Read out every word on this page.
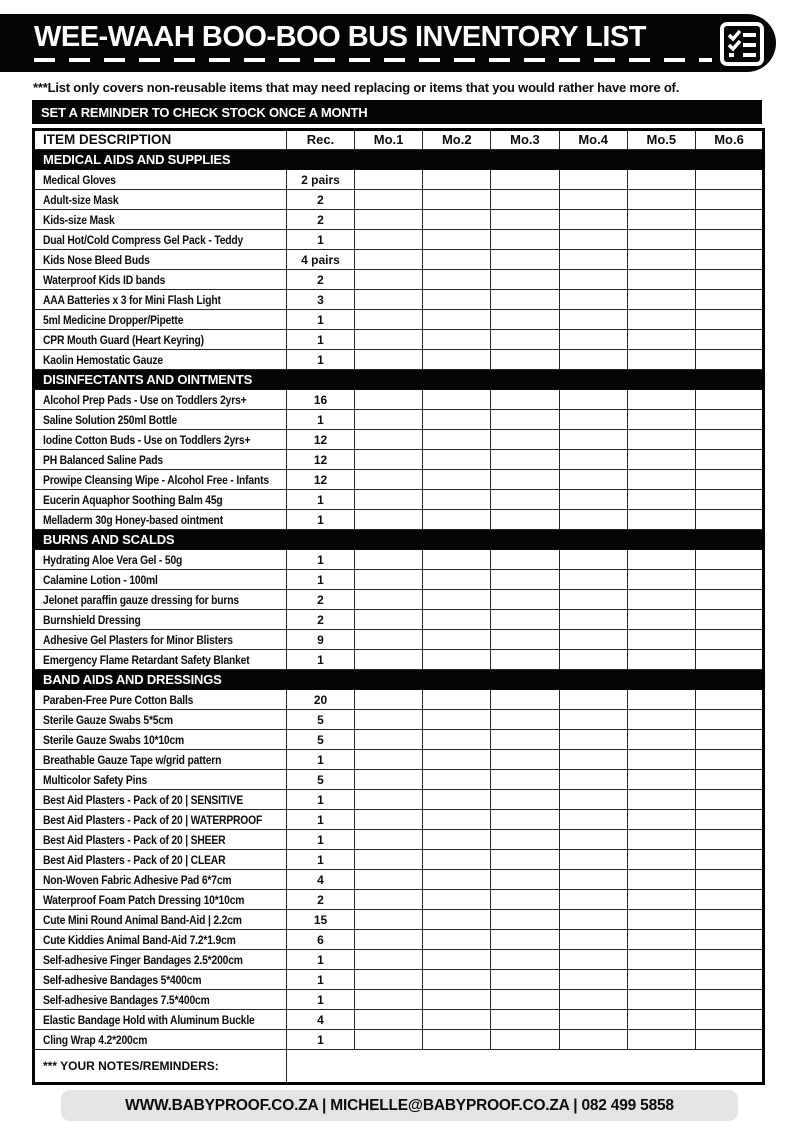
WEE-WAAH BOO-BOO BUS INVENTORY LIST
***List only covers non-reusable items that may need replacing or items that you would rather have more of.
SET A REMINDER TO CHECK STOCK ONCE A MONTH
ITEM DESCRIPTION	Rec.	Mo.1	Mo.2	Mo.3	Mo.4	Mo.5	Mo.6
MEDICAL AIDS AND SUPPLIES							
Medical Gloves	2 pairs						
Adult-size Mask	2						
Kids-size Mask	2						
Dual Hot/Cold Compress Gel Pack - Teddy	1						
Kids Nose Bleed Buds	4 pairs						
Waterproof Kids ID bands	2						
AAA Batteries x 3 for Mini Flash Light	3						
5ml Medicine Dropper/Pipette	1						
CPR Mouth Guard (Heart Keyring)	1						
Kaolin Hemostatic Gauze	1						
DISINFECTANTS AND OINTMENTS							
Alcohol Prep Pads - Use on Toddlers 2yrs+	16						
Saline Solution 250ml Bottle	1						
Iodine Cotton Buds - Use on Toddlers 2yrs+	12						
PH Balanced Saline Pads	12						
Prowipe Cleansing Wipe - Alcohol Free - Infants	12						
Eucerin Aquaphor Soothing Balm 45g	1						
Melladerm 30g Honey-based ointment	1						
BURNS AND SCALDS							
Hydrating Aloe Vera Gel - 50g	1						
Calamine Lotion - 100ml	1						
Jelonet paraffin gauze dressing for burns	2						
Burnshield Dressing	2						
Adhesive Gel Plasters for Minor Blisters	9						
Emergency Flame Retardant Safety Blanket	1						
BAND AIDS AND DRESSINGS							
Paraben-Free Pure Cotton Balls	20						
Sterile Gauze Swabs 5*5cm	5						
Sterile Gauze Swabs 10*10cm	5						
Breathable Gauze Tape w/grid pattern	1						
Multicolor Safety Pins	5						
Best Aid Plasters - Pack of 20 | SENSITIVE	1						
Best Aid Plasters - Pack of 20 | WATERPROOF	1						
Best Aid Plasters - Pack of 20 | SHEER	1						
Best Aid Plasters - Pack of 20 | CLEAR	1						
Non-Woven Fabric Adhesive Pad 6*7cm	4						
Waterproof Foam Patch Dressing 10*10cm	2						
Cute Mini Round Animal Band-Aid | 2.2cm	15						
Cute Kiddies Animal Band-Aid 7.2*1.9cm	6						
Self-adhesive Finger Bandages 2.5*200cm	1						
Self-adhesive Bandages 5*400cm	1						
Self-adhesive Bandages 7.5*400cm	1						
Elastic Bandage Hold with Aluminum Buckle	4						
Cling Wrap 4.2*200cm	1						
*** YOUR NOTES/REMINDERS:							
WWW.BABYPROOF.CO.ZA | MICHELLE@BABYPROOF.CO.ZA | 082 499 5858
